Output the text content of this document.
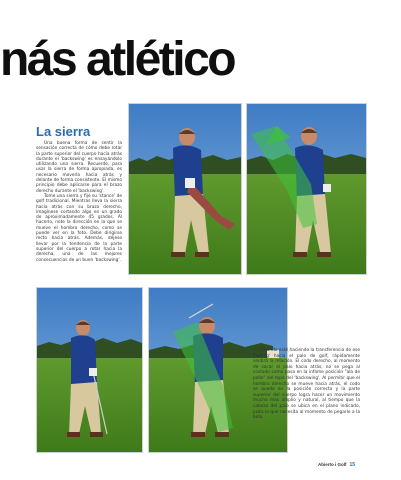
nás atlético
La sierra

Una buena forma de sentir la sensación correcta de cómo debe rotar la parte superior del cuerpo hacia atrás durante el 'backswing' es ensayándolo utilizando una sierra. Recuerde, para usar la sierra de forma apropiada, es necesario moverla hacia atrás y delante de forma consistente. El mismo principio debe aplicarse para el brazo derecho durante el 'backswing'.

Tome una sierra y fije su 'stance' de golf tradicional. Mientras lleva la sierra hacia atrás con su brazo derecho, imagínese cortando algo en un grado de aproximadamente 45 grados. Al hacerlo, note la dirección en la que se mueve el hombro derecho, como se puede ver en la foto. Debe dirigirse recto hacia atrás. Además, déjese llevar por la tendencia de la parte superior del cuerpo a rotar hacia la derecha, una de las mejores consecuencias de un buen 'backswing'.

Cuando esté haciendo la transferencia de ese 'feeling' hacia el palo de golf, rápidamente sentirá la relación. El codo derecho, al momento de sacar el palo hacia atrás, no se pega al costado como pasa en la infame posición "ala de pollo" del tope del 'backswing'. Al permitir que el hombro derecho se mueve hacia atrás, el codo se queda en la posición correcta y la parte superior del cuerpo logra hacer un movimiento mucho más amplio y natural, al tiempo que la cabeza del palo se ubica en el plano indicado, justo lo que necesita al momento de pegarle a la bola.

Abierto i Golf 15
